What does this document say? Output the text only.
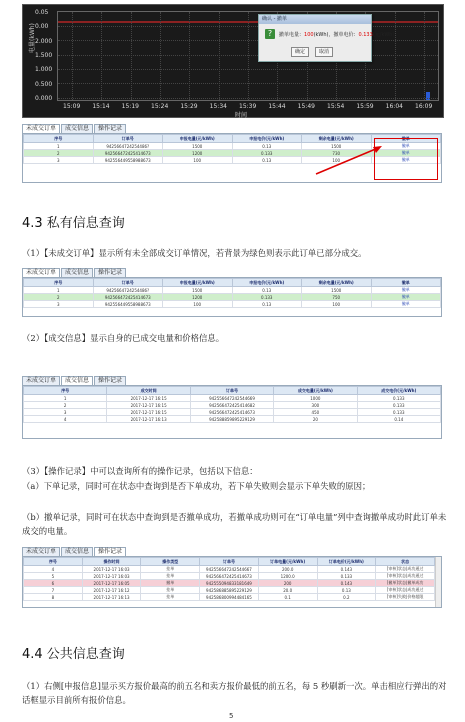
电量(kWh)
0.05
0.00
2.000
1.500
1.000
0.500
0.000
15:09 15:14 15:19 15:24 15:29 15:34 15:39 15:44 15:49 15:54 15:59 16:04 16:09
时间
确认 - 撤单
?	撤单电量：100(kWh)，撤单电价：0.133(元/kWh)
确定	取消
未成交订单	成交信息	操作记录
序号	订单号	申报电量(元/kWh)	申报电价(元/kWh)	剩余电量(元/kWh)	撤单
1	9425664724254486?	1500	0.13	1500	撤单
2	942566472425414673	1200	0.133	730	撤单
3	942556449558988673	100	0.13	100	撤单
4.3 私有信息查询
（1）【未成交订单】显示所有未全部成交订单情况，若背景为绿色则表示此订单已部分成交。
未成交订单	成交信息	操作记录
序号	订单号	申报电量(元/kWh)	申报电价(元/kWh)	剩余电量(元/kWh)	撤单
1	9425664724254486?	1500	0.13	1500	撤单
2	942566472425414673	1200	0.133	750	撤单
3	942556449558988673	100	0.13	100	撤单
（2）【成交信息】显示自身的已成交电量和价格信息。
未成交订单	成交信息	操作记录
序号	成交时间	订单号	成交电量(元/kWh)	成交电价(元/kWh)
1	2017-12-17 16:15	942556647242544669	1000	0.133
2	2017-12-17 16:15	942566472425414682	300	0.133
3	2017-12-17 16:15	942566472425414673	450	0.133
4	2017-12-17 16:13	942588859895229129	20	0.14
（3）【操作记录】中可以查询所有的操作记录，包括以下信息：
（a）下单记录，同时可在状态中查询到是否下单成功，若下单失败则会显示下单失败的原因；
（b）撤单记录，同时可在状态中查询到是否撤单成功，若撤单成功则可在“订单电量”列中查询撤单成功时此订单未成交的电量。
未成交订单	成交信息	操作记录
序号	操作时间	操作类型	订单号	订单电量(元/kWh)	订单电价(元/kWh)	状态
4	2017-12-17 16:03	挂单	942556647242544667	200.0	0.143	[审核]状态|成功通过
5	2017-12-17 16:03	挂单	942566472425414673	1200.0	0.133	[审核]状态|成功通过
6	2017-12-17 16:05	撤单	942555094833181649	200	0.143	[撤单]状态|撤单成功
7	2017-12-17 16:12	挂单	942586885895229129	20.0	0.13	[审核]状态|成功通过
8	2017-12-17 16:13	挂单	942586800994484165	0.1	0.2	[审核]失败|价格超限
4.4 公共信息查询
（1）右侧[申报信息]显示买方报价最高的前五名和卖方报价最低的前五名，每 5 秒刷新一次。单击相应行弹出的对话框显示目前所有报价信息。
5
